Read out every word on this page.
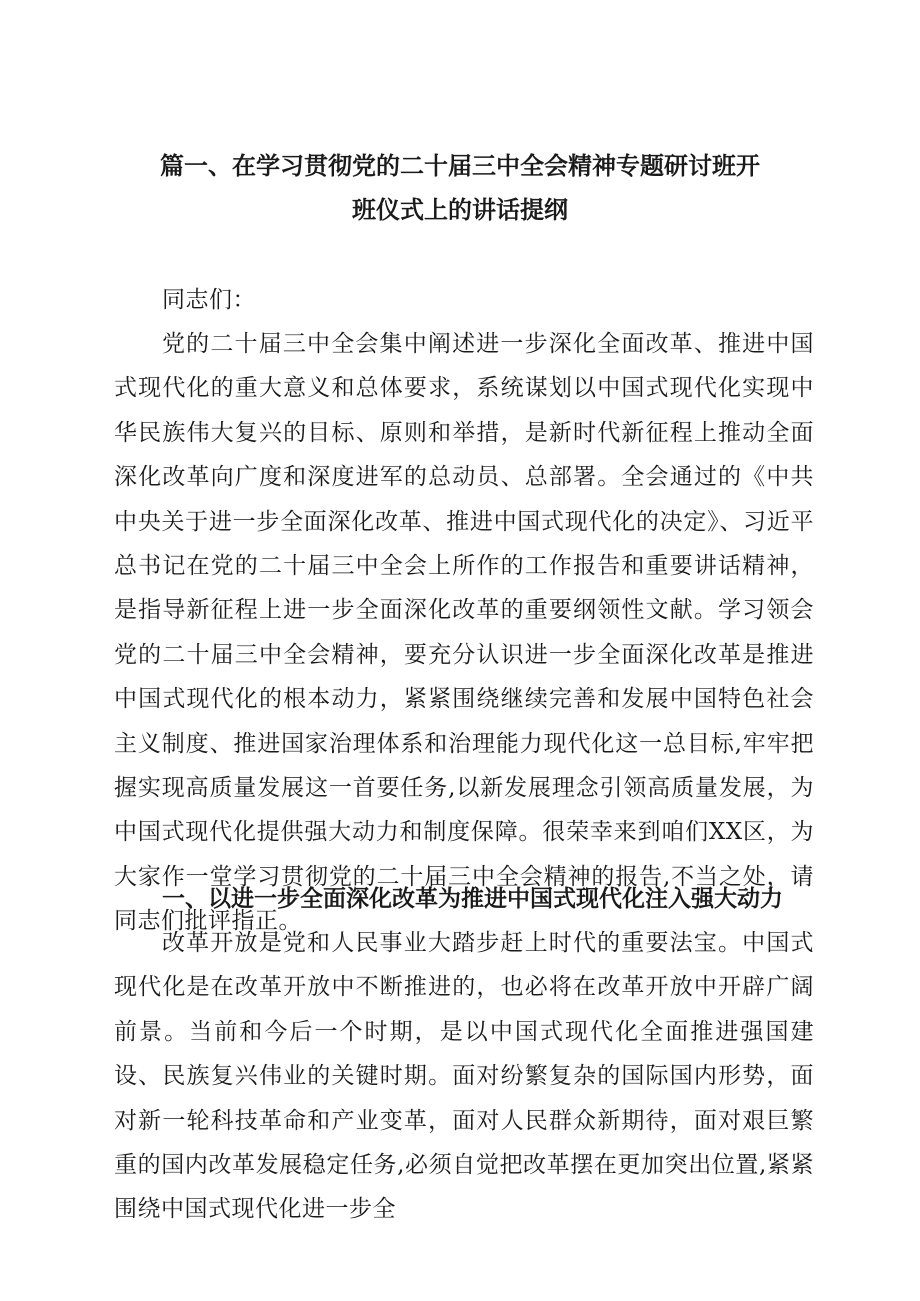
篇一、在学习贯彻党的二十届三中全会精神专题研讨班开
班仪式上的讲话提纲
同志们：
党的二十届三中全会集中阐述进一步深化全面改革、推进中国式现代化的重大意义和总体要求，系统谋划以中国式现代化实现中华民族伟大复兴的目标、原则和举措，是新时代新征程上推动全面深化改革向广度和深度进军的总动员、总部署。全会通过的《中共中央关于进一步全面深化改革、推进中国式现代化的决定》、习近平总书记在党的二十届三中全会上所作的工作报告和重要讲话精神，是指导新征程上进一步全面深化改革的重要纲领性文献。学习领会党的二十届三中全会精神，要充分认识进一步全面深化改革是推进中国式现代化的根本动力，紧紧围绕继续完善和发展中国特色社会主义制度、推进国家治理体系和治理能力现代化这一总目标,牢牢把握实现高质量发展这一首要任务,以新发展理念引领高质量发展，为中国式现代化提供强大动力和制度保障。很荣幸来到咱们XX区，为大家作一堂学习贯彻党的二十届三中全会精神的报告,不当之处，请同志们批评指正。
一、以进一步全面深化改革为推进中国式现代化注入强大动力
改革开放是党和人民事业大踏步赶上时代的重要法宝。中国式现代化是在改革开放中不断推进的，也必将在改革开放中开辟广阔前景。当前和今后一个时期，是以中国式现代化全面推进强国建设、民族复兴伟业的关键时期。面对纷繁复杂的国际国内形势，面对新一轮科技革命和产业变革，面对人民群众新期待，面对艰巨繁重的国内改革发展稳定任务,必须自觉把改革摆在更加突出位置,紧紧围绕中国式现代化进一步全
